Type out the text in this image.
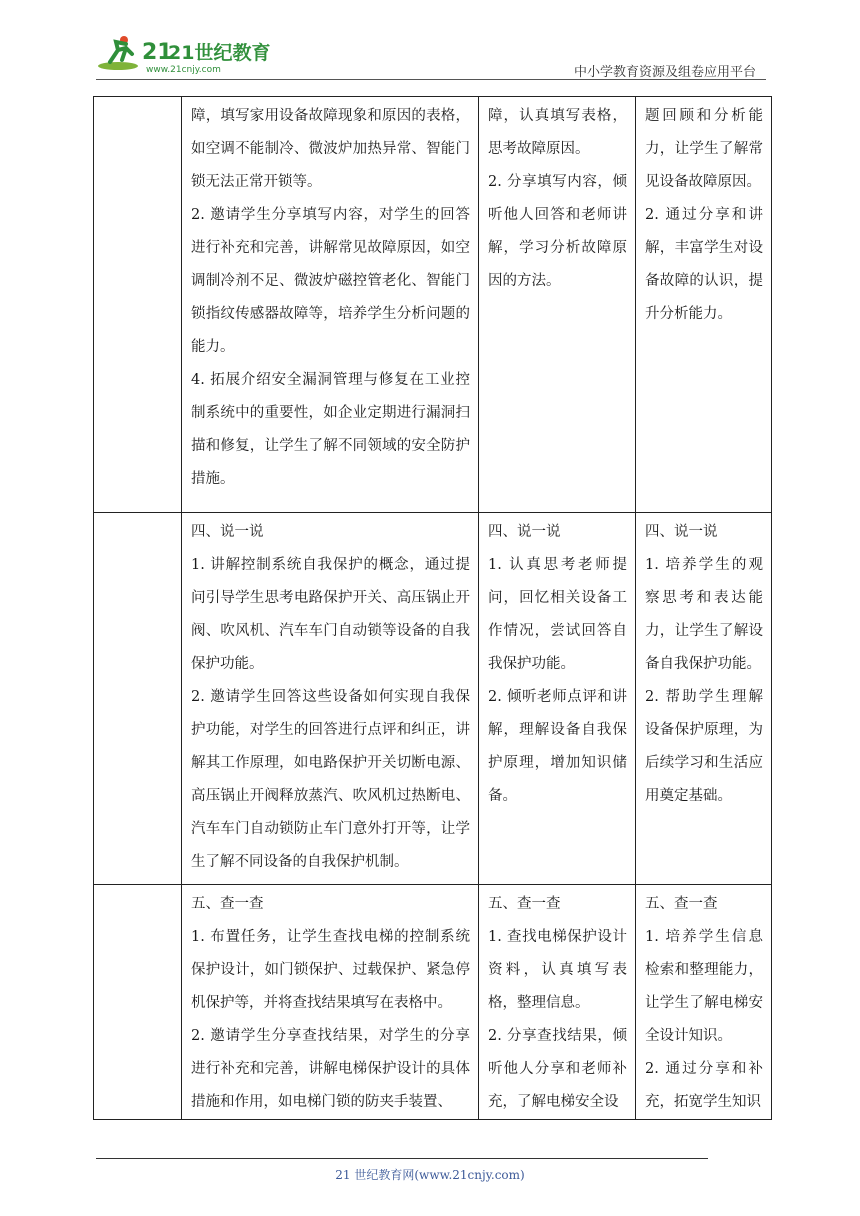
21
21世纪教育
www.21cnjy.com	中小学教育资源及组卷应用平台

	障，填写家用设备故障现象和原因的表格，如空调不能制冷、微波炉加热异常、智能门锁无法正常开锁等。
2. 邀请学生分享填写内容，对学生的回答进行补充和完善，讲解常见故障原因，如空调制冷剂不足、微波炉磁控管老化、智能门锁指纹传感器故障等，培养学生分析问题的能力。
4. 拓展介绍安全漏洞管理与修复在工业控制系统中的重要性，如企业定期进行漏洞扫描和修复，让学生了解不同领域的安全防护措施。	障，认真填写表格，思考故障原因。
2. 分享填写内容，倾听他人回答和老师讲解，学习分析故障原因的方法。	题回顾和分析能力，让学生了解常见设备故障原因。
2. 通过分享和讲解，丰富学生对设备故障的认识，提升分析能力。

	四、说一说
1. 讲解控制系统自我保护的概念，通过提问引导学生思考电路保护开关、高压锅止开阀、吹风机、汽车车门自动锁等设备的自我保护功能。
2. 邀请学生回答这些设备如何实现自我保护功能，对学生的回答进行点评和纠正，讲解其工作原理，如电路保护开关切断电源、高压锅止开阀释放蒸汽、吹风机过热断电、汽车车门自动锁防止车门意外打开等，让学生了解不同设备的自我保护机制。	四、说一说
1. 认真思考老师提问，回忆相关设备工作情况，尝试回答自我保护功能。
2. 倾听老师点评和讲解，理解设备自我保护原理，增加知识储备。	四、说一说
1. 培养学生的观察思考和表达能力，让学生了解设备自我保护功能。
2. 帮助学生理解设备保护原理，为后续学习和生活应用奠定基础。

	五、查一查
1. 布置任务，让学生查找电梯的控制系统保护设计，如门锁保护、过载保护、紧急停机保护等，并将查找结果填写在表格中。
2. 邀请学生分享查找结果，对学生的分享进行补充和完善，讲解电梯保护设计的具体措施和作用，如电梯门锁的防夹手装置、	五、查一查
1. 查找电梯保护设计资料，认真填写表格，整理信息。
2. 分享查找结果，倾听他人分享和老师补充，了解电梯安全设	五、查一查
1. 培养学生信息检索和整理能力，让学生了解电梯安全设计知识。
2. 通过分享和补充，拓宽学生知识
21 世纪教育网(www.21cnjy.com)
